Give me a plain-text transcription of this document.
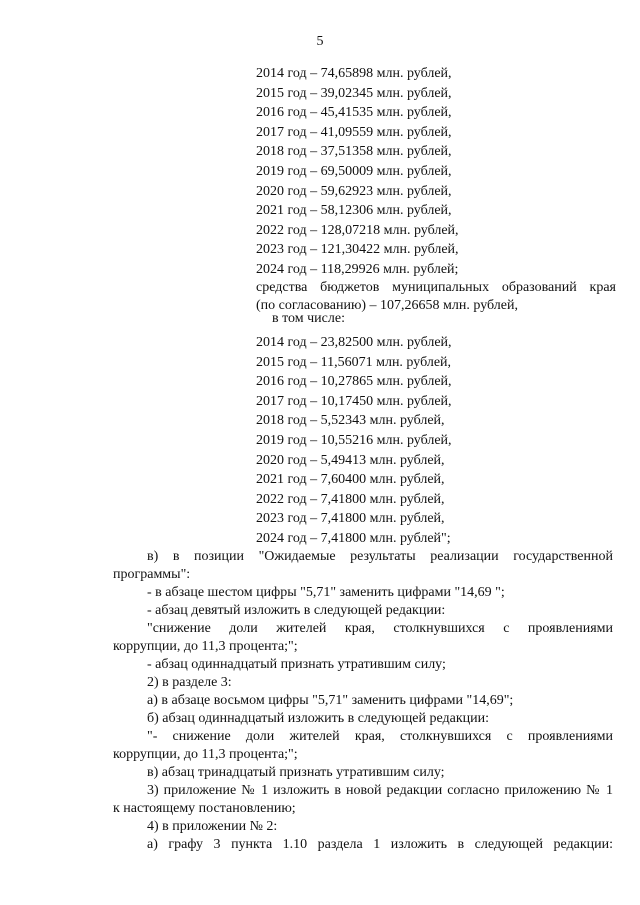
5
2014 год – 74,65898 млн. рублей,
2015 год – 39,02345 млн. рублей,
2016 год – 45,41535 млн. рублей,
2017 год – 41,09559 млн. рублей,
2018 год – 37,51358 млн. рублей,
2019 год – 69,50009 млн. рублей,
2020 год – 59,62923 млн. рублей,
2021 год – 58,12306 млн. рублей,
2022 год – 128,07218 млн. рублей,
2023 год – 121,30422 млн. рублей,
2024 год – 118,29926 млн. рублей;
средства бюджетов муниципальных образований края
(по согласованию) – 107,26658 млн. рублей,
в том числе:
2014 год – 23,82500 млн. рублей,
2015 год – 11,56071 млн. рублей,
2016 год – 10,27865 млн. рублей,
2017 год – 10,17450 млн. рублей,
2018 год – 5,52343 млн. рублей,
2019 год – 10,55216 млн. рублей,
2020 год – 5,49413 млн. рублей,
2021 год – 7,60400 млн. рублей,
2022 год – 7,41800 млн. рублей,
2023 год – 7,41800 млн. рублей,
2024 год – 7,41800 млн. рублей";
в) в позиции "Ожидаемые результаты реализации государственной
программы":
- в абзаце шестом цифры "5,71" заменить цифрами "14,69 ";
- абзац девятый изложить в следующей редакции:
"снижение доли жителей края, столкнувшихся с проявлениями
коррупции, до 11,3 процента;";
- абзац одиннадцатый признать утратившим силу;
2) в разделе 3:
а) в абзаце восьмом цифры "5,71" заменить цифрами "14,69";
б) абзац одиннадцатый изложить в следующей редакции:
"- снижение доли жителей края, столкнувшихся с проявлениями
коррупции, до 11,3 процента;";
в) абзац тринадцатый признать утратившим силу;
3) приложение № 1 изложить в новой редакции согласно приложению № 1
к настоящему постановлению;
4) в приложении № 2:
а) графу 3 пункта 1.10 раздела 1 изложить в следующей редакции:
